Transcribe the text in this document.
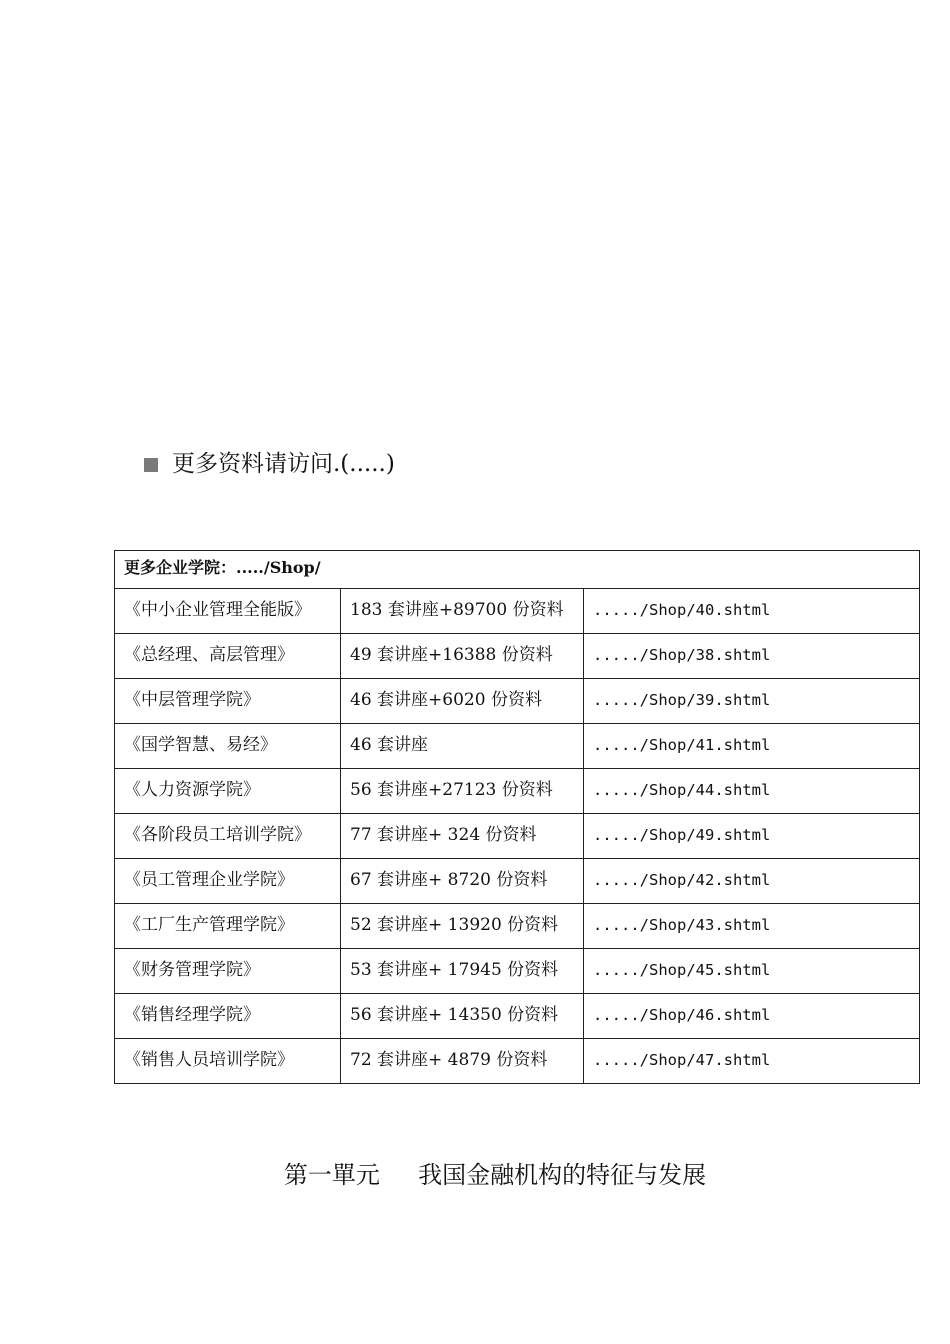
更多资料请访问.(.....)
更多企业学院：...../Shop/		
《中小企业管理全能版》	183 套讲座+89700 份资料	...../Shop/40.shtml
《总经理、高层管理》	49 套讲座+16388 份资料	...../Shop/38.shtml
《中层管理学院》	46 套讲座+6020 份资料	...../Shop/39.shtml
《国学智慧、易经》	46 套讲座	...../Shop/41.shtml
《人力资源学院》	56 套讲座+27123 份资料	...../Shop/44.shtml
《各阶段员工培训学院》	77 套讲座+ 324 份资料	...../Shop/49.shtml
《员工管理企业学院》	67 套讲座+ 8720 份资料	...../Shop/42.shtml
《工厂生产管理学院》	52 套讲座+ 13920 份资料	...../Shop/43.shtml
《财务管理学院》	53 套讲座+ 17945 份资料	...../Shop/45.shtml
《销售经理学院》	56 套讲座+ 14350 份资料	...../Shop/46.shtml
《销售人员培训学院》	72 套讲座+ 4879 份资料	...../Shop/47.shtml
第一單元     我国金融机构的特征与发展
